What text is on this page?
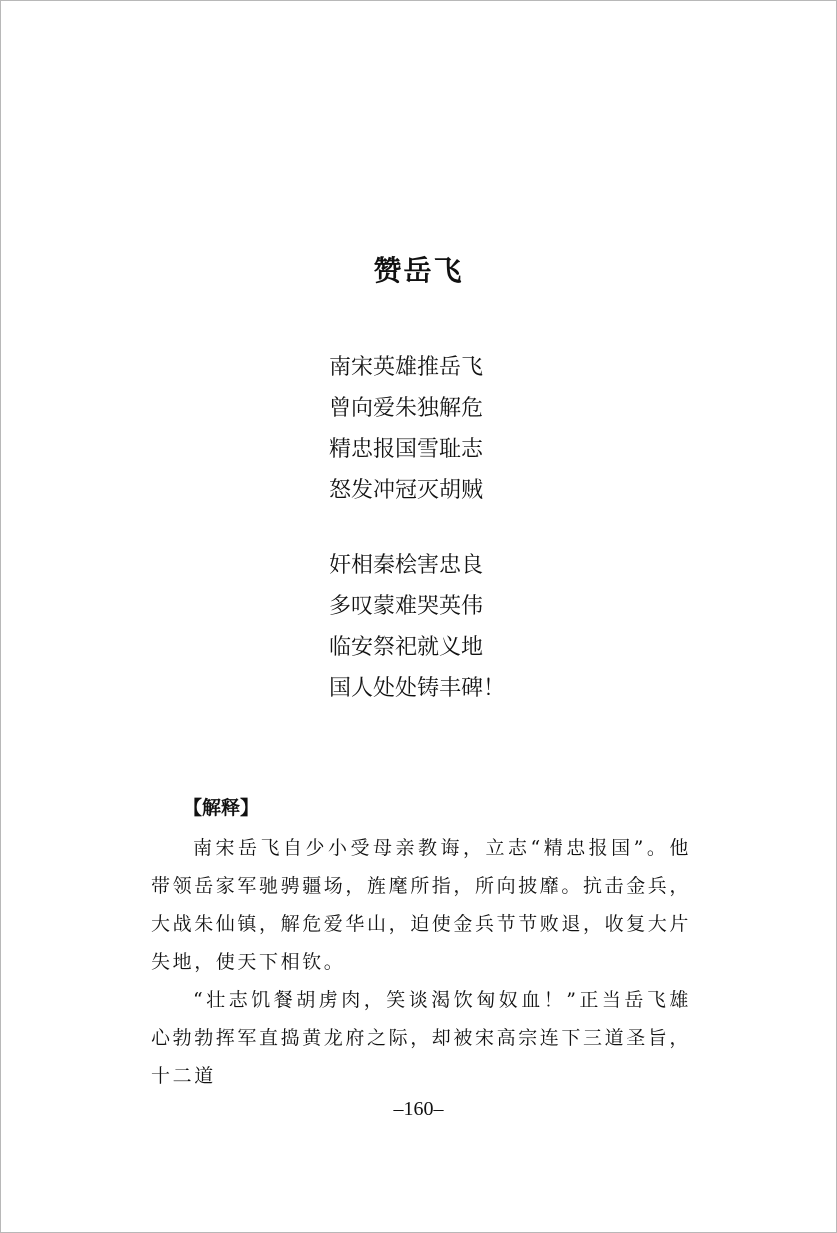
赞岳飞
南宋英雄推岳飞
曾向爱朱独解危
精忠报国雪耻志
怒发冲冠灭胡贼
奸相秦桧害忠良
多叹蒙难哭英伟
临安祭祀就义地
国人处处铸丰碑！
【解释】

南宋岳飞自少小受母亲教诲，立志“精忠报国”。他带领岳家军驰骋疆场，旌麾所指，所向披靡。抗击金兵，大战朱仙镇，解危爱华山，迫使金兵节节败退，收复大片失地，使天下相钦。

“壮志饥餐胡虏肉，笑谈渴饮匈奴血！”正当岳飞雄心勃勃挥军直捣黄龙府之际，却被宋高宗连下三道圣旨，十二道

–160–
